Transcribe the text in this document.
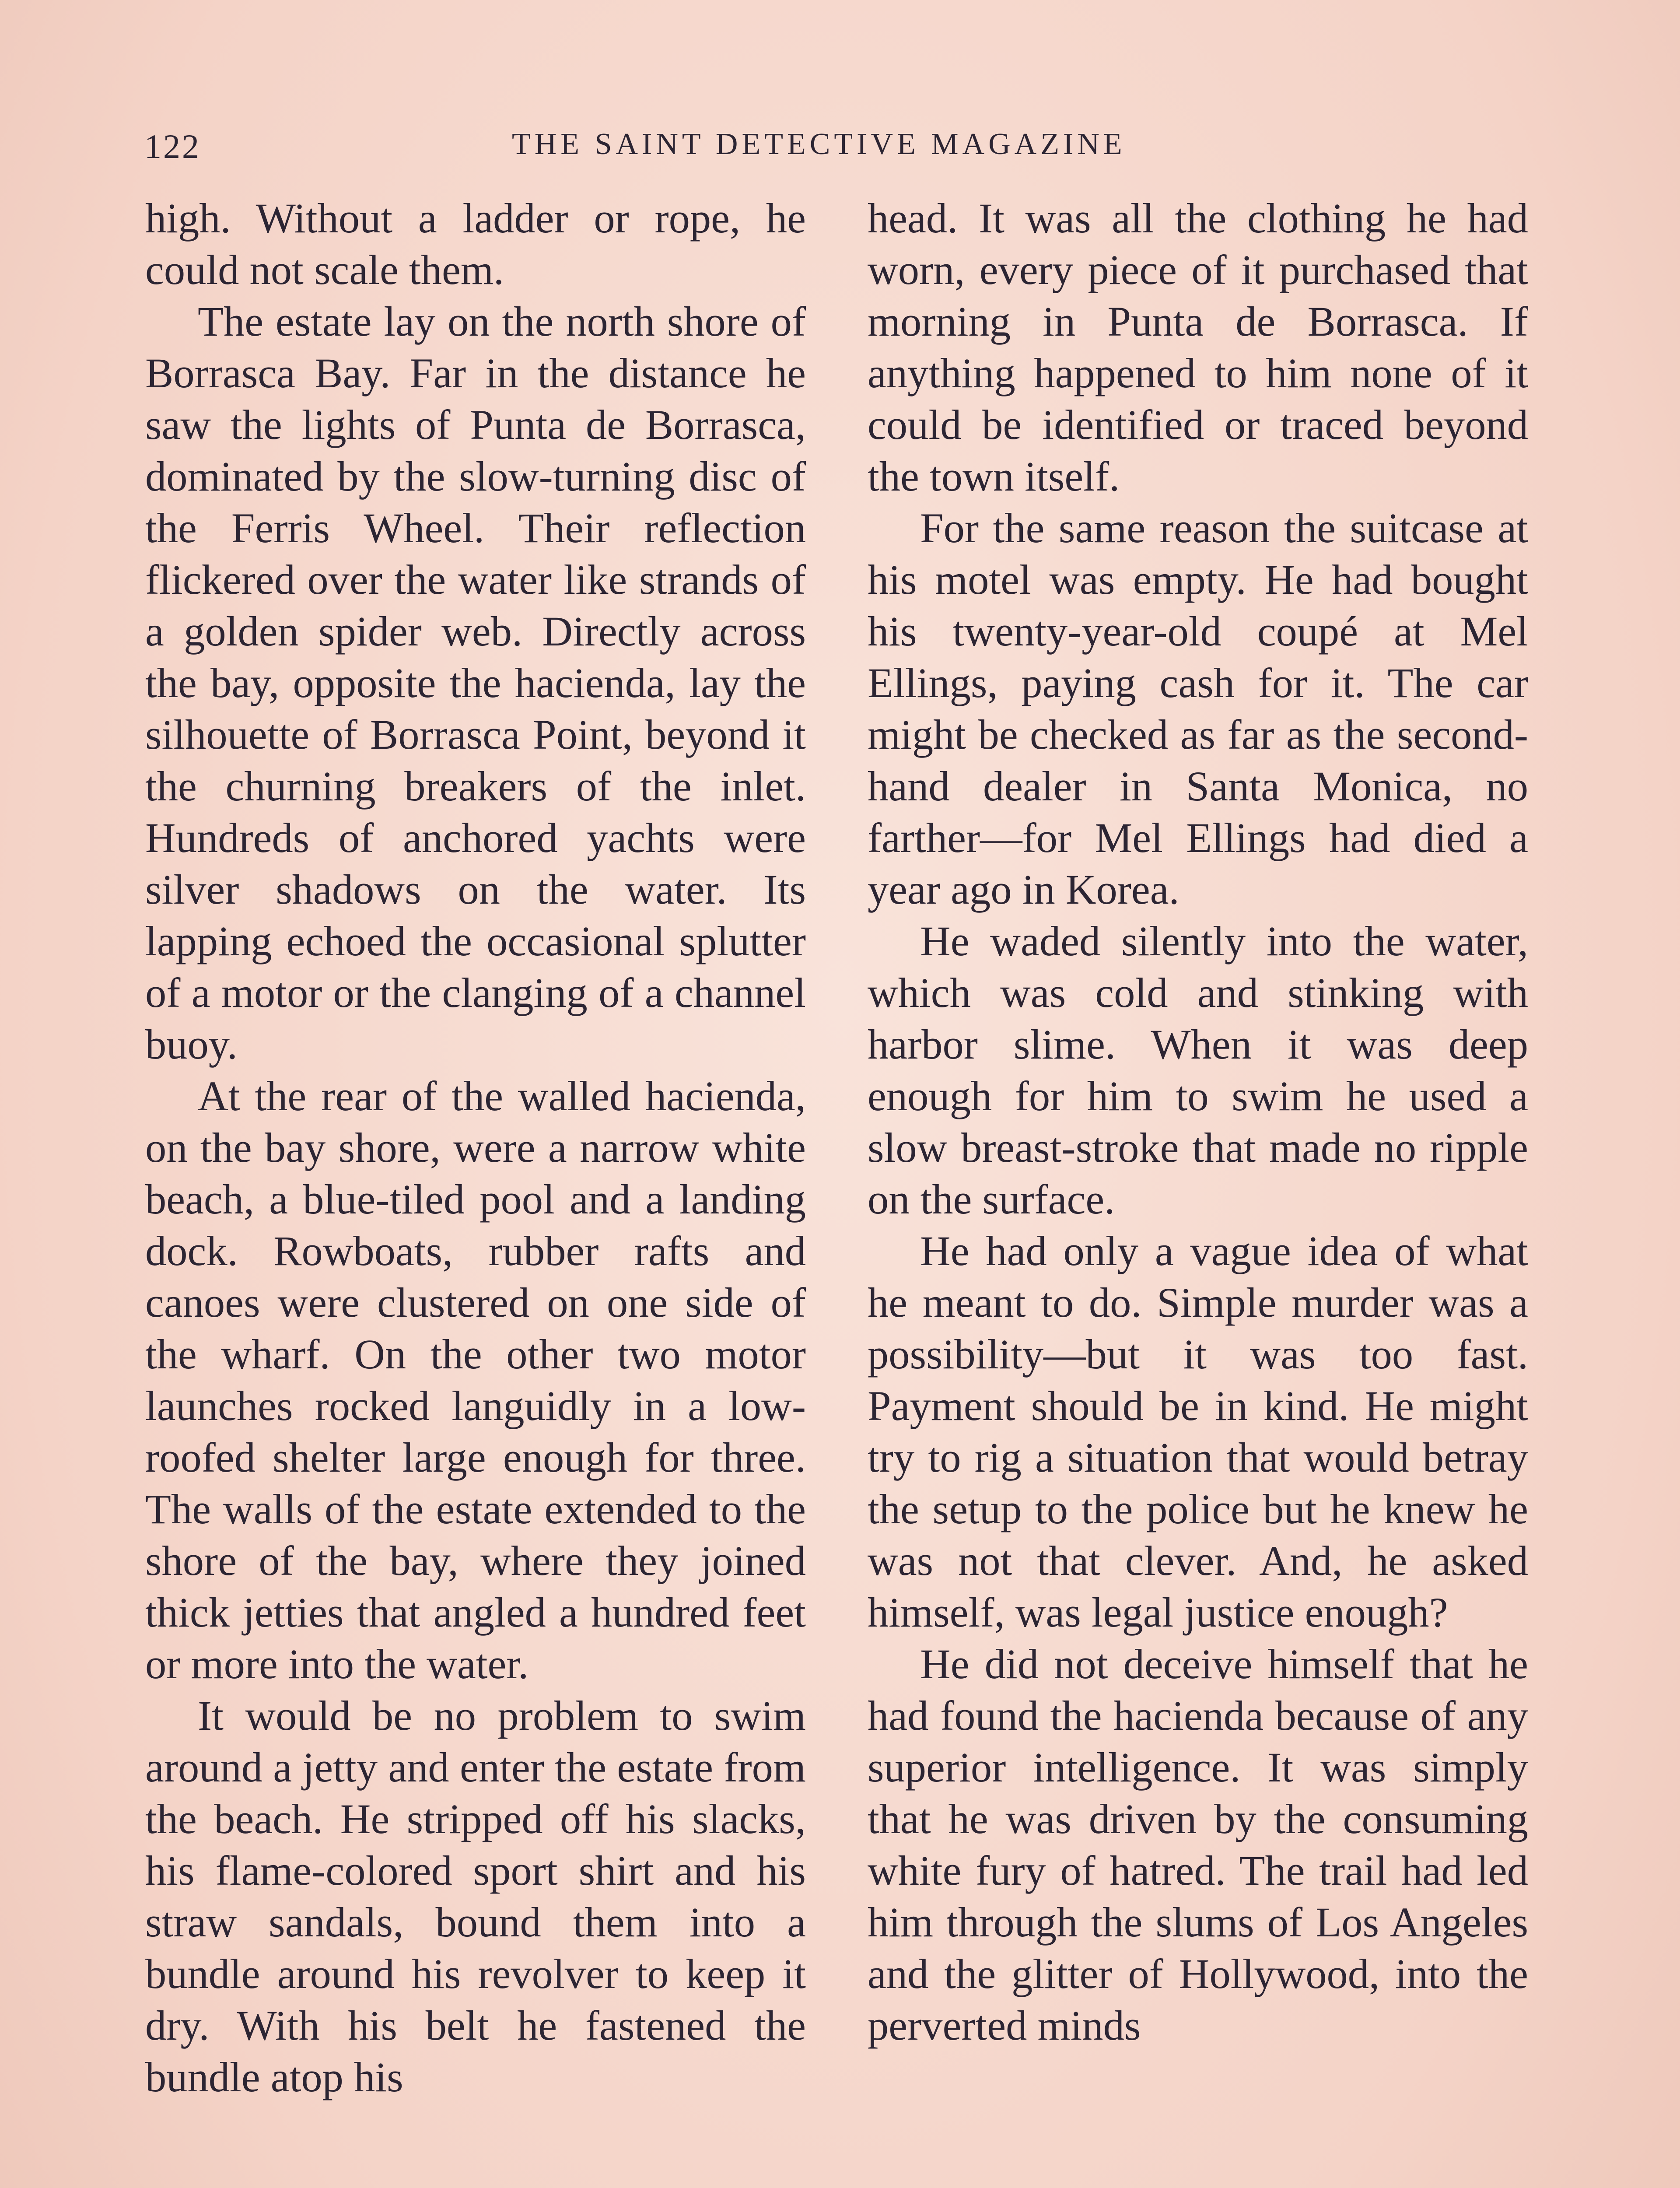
122	THE SAINT DETECTIVE MAGAZINE

high. Without a ladder or rope, he could not scale them.

The estate lay on the north shore of Borrasca Bay. Far in the distance he saw the lights of Punta de Borrasca, dominated by the slow-turning disc of the Ferris Wheel. Their reflection flickered over the water like strands of a golden spider web. Directly across the bay, opposite the hacienda, lay the silhouette of Borrasca Point, beyond it the churning breakers of the inlet. Hundreds of anchored yachts were silver shadows on the water. Its lapping echoed the occasional splutter of a motor or the clanging of a channel buoy.

At the rear of the walled hacienda, on the bay shore, were a narrow white beach, a blue-tiled pool and a landing dock. Rowboats, rubber rafts and canoes were clustered on one side of the wharf. On the other two motor launches rocked languidly in a low-roofed shelter large enough for three. The walls of the estate extended to the shore of the bay, where they joined thick jetties that angled a hundred feet or more into the water.

It would be no problem to swim around a jetty and enter the estate from the beach. He stripped off his slacks, his flame-colored sport shirt and his straw sandals, bound them into a bundle around his revolver to keep it dry. With his belt he fastened the bundle atop his

head. It was all the clothing he had worn, every piece of it purchased that morning in Punta de Borrasca. If anything happened to him none of it could be identified or traced beyond the town itself.

For the same reason the suitcase at his motel was empty. He had bought his twenty-year-old coupé at Mel Ellings, paying cash for it. The car might be checked as far as the second-hand dealer in Santa Monica, no farther—for Mel Ellings had died a year ago in Korea.

He waded silently into the water, which was cold and stinking with harbor slime. When it was deep enough for him to swim he used a slow breast-stroke that made no ripple on the surface.

He had only a vague idea of what he meant to do. Simple murder was a possibility—but it was too fast. Payment should be in kind. He might try to rig a situation that would betray the setup to the police but he knew he was not that clever. And, he asked himself, was legal justice enough?

He did not deceive himself that he had found the hacienda because of any superior intelligence. It was simply that he was driven by the consuming white fury of hatred. The trail had led him through the slums of Los Angeles and the glitter of Hollywood, into the perverted minds
